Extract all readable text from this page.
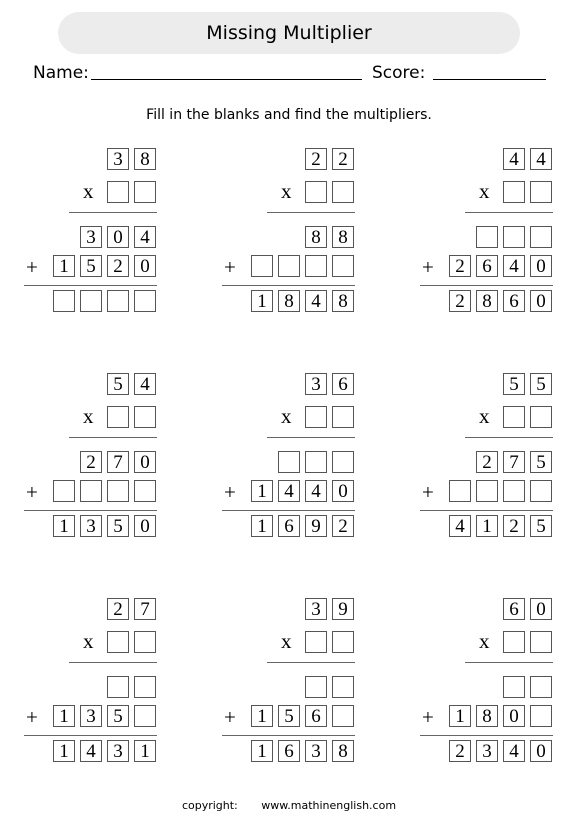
Missing Multiplier
Name:	Score:
Fill in the blanks and find the multipliers.
3 8
3 0 4
1 5 2 0
x
+
2 2
8 8
1 8 4 8
x
+
4 4
2 6 4 0
2 8 6 0
x
+
5 4
2 7 0
1 3 5 0
x
+
3 6
1 4 4 0
1 6 9 2
x
+
5 5
2 7 5
4 1 2 5
x
+
2 7
1 3 5
1 4 3 1
x
+
3 9
1 5 6
1 6 3 8
x
+
6 0
1 8 0
2 3 4 0
x
+
copyright: www.mathinenglish.com
